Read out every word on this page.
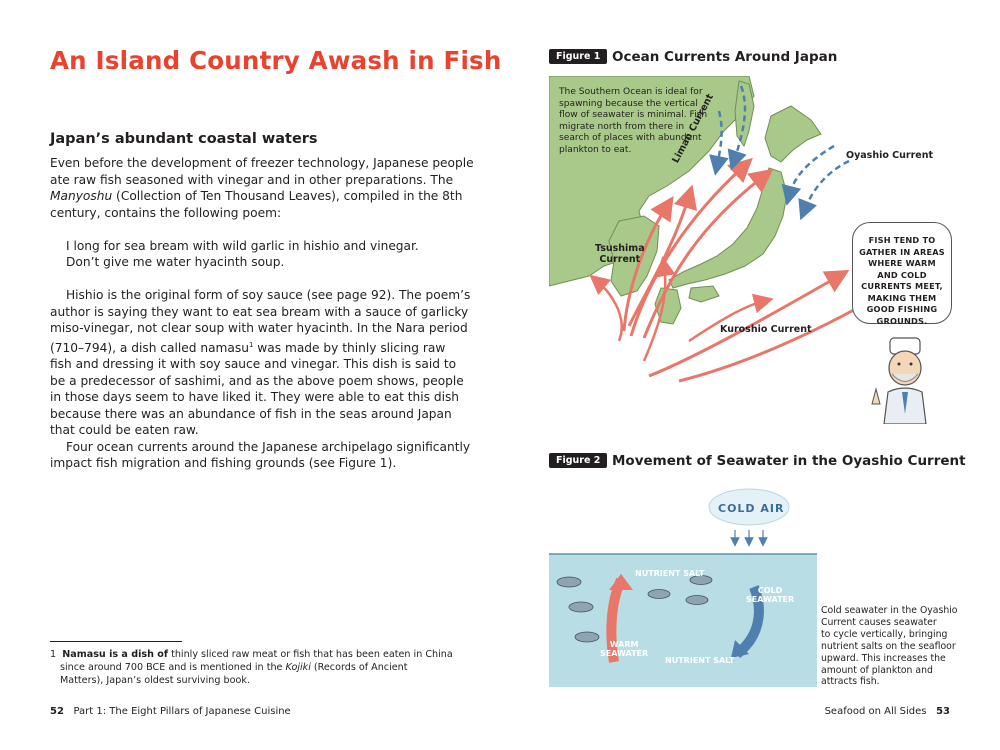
An Island Country Awash in Fish
Japan’s abundant coastal waters

Even before the development of freezer technology, Japanese people

ate raw fish seasoned with vinegar and in other preparations. The

Manyoshu (Collection of Ten Thousand Leaves), compiled in the 8th

century, contains the following poem:

I long for sea bream with wild garlic in hishio and vinegar.

Don’t give me water hyacinth soup.

Hishio is the original form of soy sauce (see page 92). The poem’s

author is saying they want to eat sea bream with a sauce of garlicky

miso-vinegar, not clear soup with water hyacinth. In the Nara period

(710–794), a dish called namasu$^1$ was made by thinly slicing raw

fish and dressing it with soy sauce and vinegar. This dish is said to

be a predecessor of sashimi, and as the above poem shows, people

in those days seem to have liked it. They were able to eat this dish

because there was an abundance of fish in the seas around Japan

that could be eaten raw.

Four ocean currents around the Japanese archipelago significantly

impact fish migration and fishing grounds (see Figure 1).

1 Namasu is a dish of thinly sliced raw meat or fish that has been eaten in China

since around 700 BCE and is mentioned in the Kojiki (Records of Ancient

Matters), Japan’s oldest surviving book.

52 Part 1: The Eight Pillars of Japanese Cuisine
Figure 1 Ocean Currents Around Japan
The Southern Ocean is ideal for spawning because the vertical flow of seawater is minimal. Fish migrate north from there in search of places with abundant plankton to eat.	Liman Current	Oyashio Current
Tsushima
Current
Kuroshio Current
FISH TEND TO GATHER IN AREAS WHERE WARM AND COLD CURRENTS MEET, MAKING THEM GOOD FISHING GROUNDS.
Figure 2 Movement of Seawater in the Oyashio Current
COLD AIR
NUTRIENT SALT
NUTRIENT SALT
COLD
SEAWATER
WARM
SEAWATER

Cold seawater in the Oyashio

Current causes seawater

to cycle vertically, bringing

nutrient salts on the seafloor

upward. This increases the

amount of plankton and

attracts fish.

Seafood on All Sides 53
